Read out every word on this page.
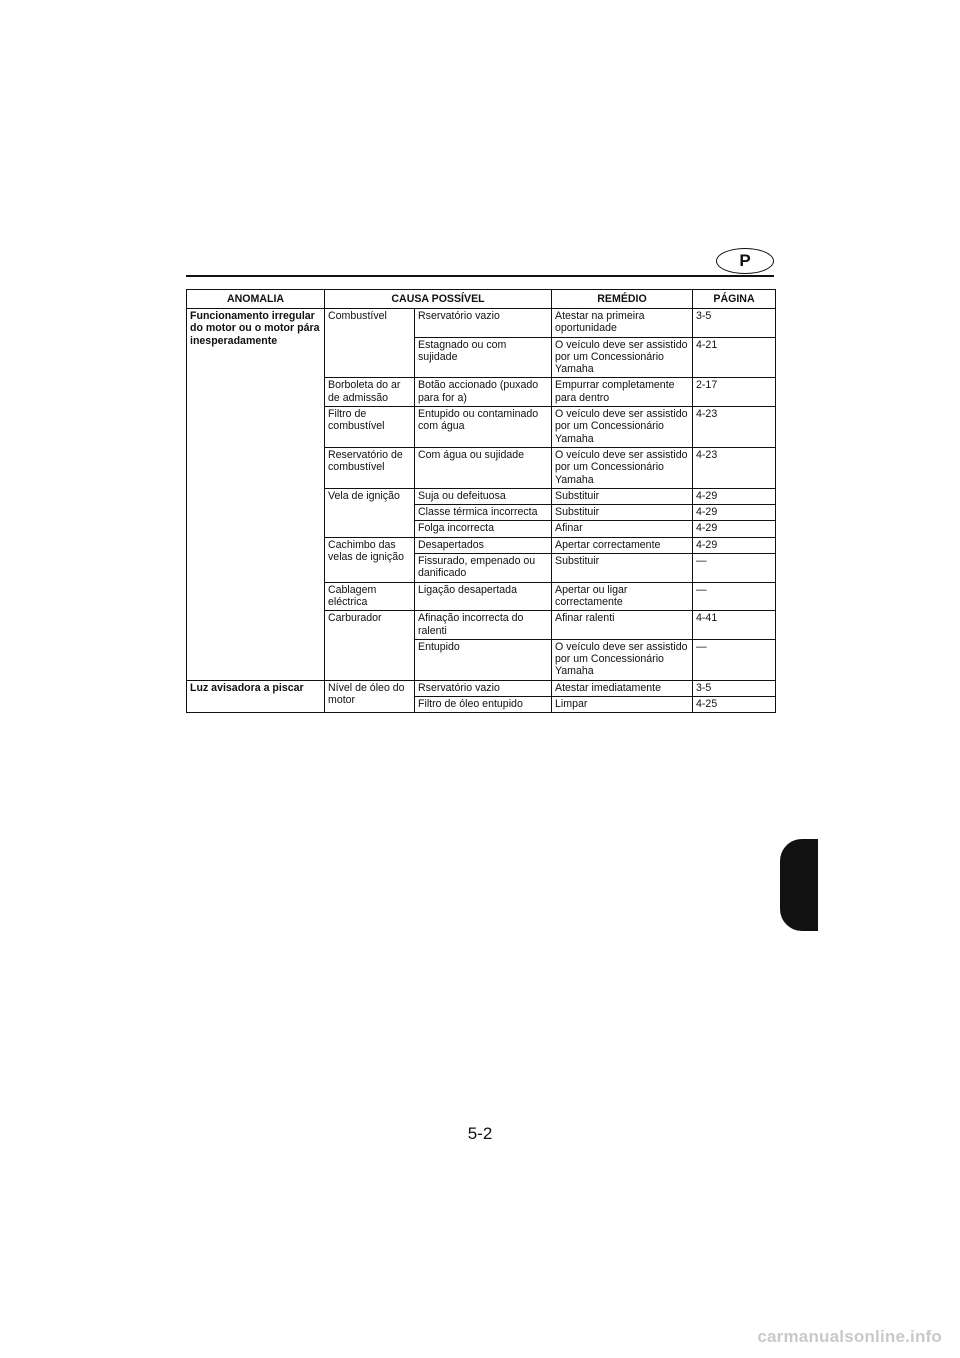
P
ANOMALIA	CAUSA POSSÍVEL		REMÉDIO	PÁGINA
Funcionamento irregular do motor ou o motor pára inesperadamente	Combustível	Rservatório vazio	Atestar na primeira oportunidade	3-5
		Estagnado ou com sujidade	O veículo deve ser assistido por um Concessionário Yamaha	4-21
	Borboleta do ar de admissão	Botão accionado (puxado para for a)	Empurrar completamente para dentro	2-17
	Filtro de combustível	Entupido ou contaminado com água	O veículo deve ser assistido por um Concessionário Yamaha	4-23
	Reservatório de combustível	Com água ou sujidade	O veículo deve ser assistido por um Concessionário Yamaha	4-23
	Vela de ignição	Suja ou defeituosa	Substituir	4-29
		Classe térmica incorrecta	Substituir	4-29
		Folga incorrecta	Afinar	4-29
	Cachimbo das velas de ignição	Desapertados	Apertar correctamente	4-29
		Fissurado, empenado ou danificado	Substituir	—
	Cablagem eléctrica	Ligação desapertada	Apertar ou ligar correctamente	—
	Carburador	Afinação incorrecta do ralenti	Afinar ralenti	4-41
		Entupido	O veículo deve ser assistido por um Concessionário Yamaha	—
Luz avisadora a piscar	Nível de óleo do motor	Rservatório vazio	Atestar imediatamente	3-5
		Filtro de óleo entupido	Limpar	4-25
5-2
carmanualsonline.info
